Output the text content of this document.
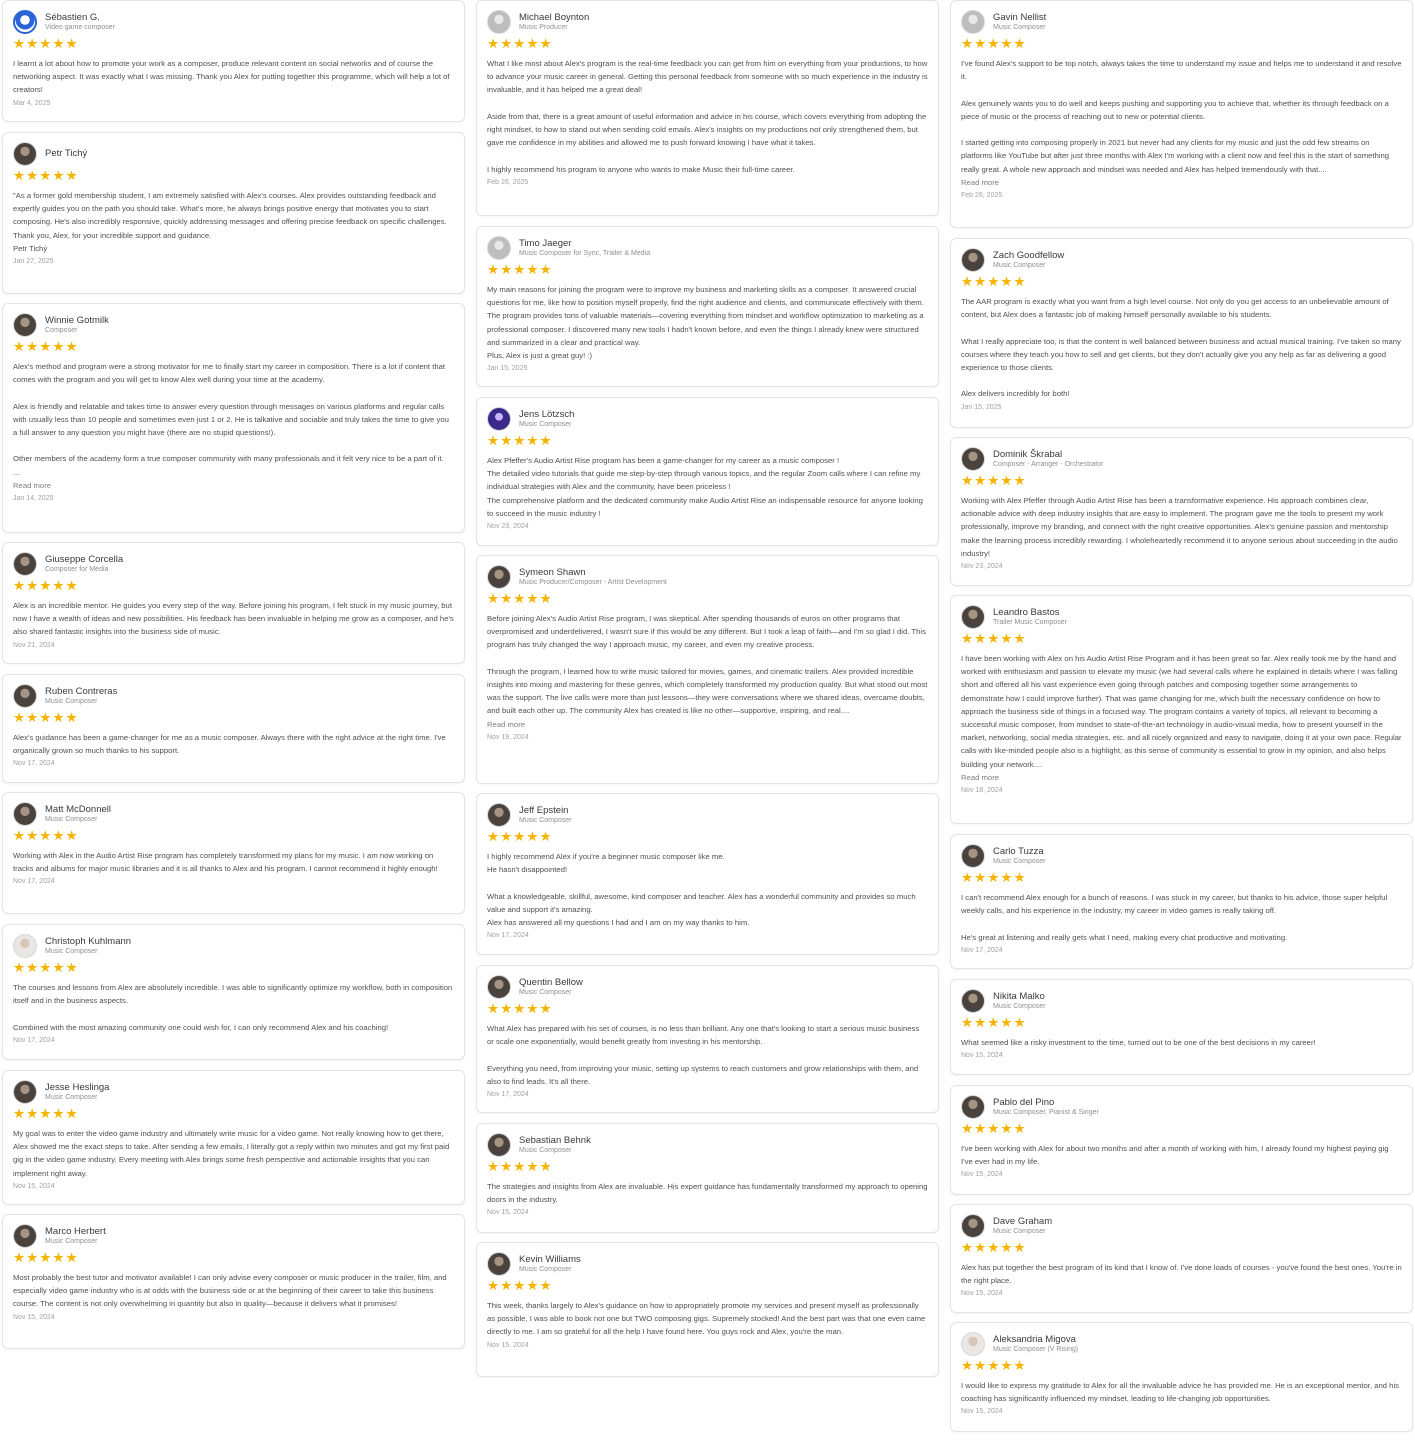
Sébastien G.
Video game composer
★ ★ ★ ★ ★
I learnt a lot about how to promote your work as a composer, produce relevant content on social networks and of course the networking aspect. It was exactly what I was missing. Thank you Alex for putting together this programme, which will help a lot of creators!
Mar 4, 2025
Petr Tichý
★ ★ ★ ★ ★
"As a former gold membership student, I am extremely satisfied with Alex's courses. Alex provides outstanding feedback and expertly guides you on the path you should take. What's more, he always brings positive energy that motivates you to start composing. He's also incredibly responsive, quickly addressing messages and offering precise feedback on specific challenges.
Thank you, Alex, for your incredible support and guidance.
Petr Tichý
Jan 27, 2025
Winnie Gotmilk
Composer
★ ★ ★ ★ ★
Alex's method and program were a strong motivator for me to finally start my career in composition. There is a lot if content that comes with the program and you will get to know Alex well during your time at the academy.

Alex is friendly and relatable and takes time to answer every question through messages on various platforms and regular calls with usually less than 10 people and sometimes even just 1 or 2. He is talkative and sociable and truly takes the time to give you a full answer to any question you might have (there are no stupid questions!).

Other members of the academy form a true composer community with many professionals and it felt very nice to be a part of it.
...
Read more
Jan 14, 2025
Giuseppe Corcella
Composer for Media
★ ★ ★ ★ ★
Alex is an incredible mentor. He guides you every step of the way. Before joining his program, I felt stuck in my music journey, but now I have a wealth of ideas and new possibilities. His feedback has been invaluable in helping me grow as a composer, and he's also shared fantastic insights into the business side of music.
Nov 21, 2024
Ruben Contreras
Music Composer
★ ★ ★ ★ ★
Alex's guidance has been a game-changer for me as a music composer. Always there with the right advice at the right time. I've organically grown so much thanks to his support.
Nov 17, 2024
Matt McDonnell
Music Composer
★ ★ ★ ★ ★
Working with Alex in the Audio Artist Rise program has completely transformed my plans for my music. I am now working on tracks and albums for major music libraries and it is all thanks to Alex and his program. I cannot recommend it highly enough!
Nov 17, 2024
Christoph Kuhlmann
Music Composer
★ ★ ★ ★ ★
The courses and lessons from Alex are absolutely incredible. I was able to significantly optimize my workflow, both in composition itself and in the business aspects.

Combined with the most amazing community one could wish for, I can only recommend Alex and his coaching!
Nov 17, 2024
Jesse Heslinga
Music Composer
★ ★ ★ ★ ★
My goal was to enter the video game industry and ultimately write music for a video game. Not really knowing how to get there, Alex showed me the exact steps to take. After sending a few emails, I literally got a reply within two minutes and got my first paid gig in the video game industry. Every meeting with Alex brings some fresh perspective and actionable insights that you can implement right away.
Nov 15, 2024
Marco Herbert
Music Composer
★ ★ ★ ★ ★
Most probably the best tutor and motivator available! I can only advise every composer or music producer in the trailer, film, and especially video game industry who is at odds with the business side or at the beginning of their career to take this business course. The content is not only overwhelming in quantity but also in quality—because it delivers what it promises!
Nov 15, 2024
Michael Boynton
Music Producer
★ ★ ★ ★ ★
What I like most about Alex's program is the real-time feedback you can get from him on everything from your productions, to how to advance your music career in general. Getting this personal feedback from someone with so much experience in the industry is invaluable, and it has helped me a great deal!

Aside from that, there is a great amount of useful information and advice in his course, which covers everything from adopting the right mindset, to how to stand out when sending cold emails. Alex's insights on my productions not only strengthened them, but gave me confidence in my abilities and allowed me to push forward knowing I have what it takes.

I highly recommend his program to anyone who wants to make Music their full-time career.
Feb 26, 2025
Timo Jaeger
Music Composer for Sync, Trailer & Media
★ ★ ★ ★ ★
My main reasons for joining the program were to improve my business and marketing skills as a composer. It answered crucial questions for me, like how to position myself properly, find the right audience and clients, and communicate effectively with them. The program provides tons of valuable materials—covering everything from mindset and workflow optimization to marketing as a professional composer. I discovered many new tools I hadn't known before, and even the things I already knew were structured and summarized in a clear and practical way.
Plus, Alex is just a great guy! :)
Jan 15, 2025
Jens Lötzsch
Music Composer
★ ★ ★ ★ ★
Alex Pfeffer's Audio Artist Rise program has been a game-changer for my career as a music composer !
The detailed video tutorials that guide me step-by-step through various topics, and the regular Zoom calls where I can refine my individual strategies with Alex and the community, have been priceless !
The comprehensive platform and the dedicated community make Audio Artist Rise an indispensable resource for anyone looking to succeed in the music industry !
Nov 23, 2024
Symeon Shawn
Music Producer/Composer - Artist Development
★ ★ ★ ★ ★
Before joining Alex's Audio Artist Rise program, I was skeptical. After spending thousands of euros on other programs that overpromised and underdelivered, I wasn't sure if this would be any different. But I took a leap of faith—and I'm so glad I did. This program has truly changed the way I approach music, my career, and even my creative process.

Through the program, I learned how to write music tailored for movies, games, and cinematic trailers. Alex provided incredible insights into mixing and mastering for these genres, which completely transformed my production quality. But what stood out most was the support. The live calls were more than just lessons—they were conversations where we shared ideas, overcame doubts, and built each other up. The community Alex has created is like no other—supportive, inspiring, and real....
Read more
Nov 19, 2024
Jeff Epstein
Music Composer
★ ★ ★ ★ ★
I highly recommend Alex if you're a beginner music composer like me.
He hasn't disappointed!

What a knowledgeable, skillful, awesome, kind composer and teacher. Alex has a wonderful community and provides so much value and support it's amazing.
Alex has answered all my questions I had and I am on my way thanks to him.
Nov 17, 2024
Quentin Bellow
Music Composer
★ ★ ★ ★ ★
What Alex has prepared with his set of courses, is no less than brilliant. Any one that's looking to start a serious music business or scale one exponentially, would benefit greatly from investing in his mentorship.

Everything you need, from improving your music, setting up systems to reach customers and grow relationships with them, and also to find leads. It's all there.
Nov 17, 2024
Sebastian Behnk
Music Composer
★ ★ ★ ★ ★
The strategies and insights from Alex are invaluable. His expert guidance has fundamentally transformed my approach to opening doors in the industry.
Nov 15, 2024
Kevin Williams
Music Composer
★ ★ ★ ★ ★
This week, thanks largely to Alex's guidance on how to appropriately promote my services and present myself as professionally as possible, I was able to book not one but TWO composing gigs. Supremely stocked! And the best part was that one even came directly to me. I am so grateful for all the help I have found here. You guys rock and Alex, you're the man.
Nov 15, 2024
Gavin Nellist
Music Composer
★ ★ ★ ★ ★
I've found Alex's support to be top notch, always takes the time to understand my issue and helps me to understand it and resolve it.

Alex genuinely wants you to do well and keeps pushing and supporting you to achieve that, whether its through feedback on a piece of music or the process of reaching out to new or potential clients.

I started getting into composing properly in 2021 but never had any clients for my music and just the odd few streams on platforms like YouTube but after just three months with Alex I'm working with a client now and feel this is the start of something really great. A whole new approach and mindset was needed and Alex has helped tremendously with that....
Read more
Feb 26, 2025
Zach Goodfellow
Music Composer
★ ★ ★ ★ ★
The AAR program is exactly what you want from a high level course. Not only do you get access to an unbelievable amount of content, but Alex does a fantastic job of making himself personally available to his students.

What I really appreciate too, is that the content is well balanced between business and actual musical training. I've taken so many courses where they teach you how to sell and get clients, but they don't actually give you any help as far as delivering a good experience to those clients.

Alex delivers incredibly for both!
Jan 15, 2025
Dominik Škrabal
Composer - Arranger - Orchestrator
★ ★ ★ ★ ★
Working with Alex Pfeffer through Audio Artist Rise has been a transformative experience. His approach combines clear, actionable advice with deep industry insights that are easy to implement. The program gave me the tools to present my work professionally, improve my branding, and connect with the right creative opportunities. Alex's genuine passion and mentorship make the learning process incredibly rewarding. I wholeheartedly recommend it to anyone serious about succeeding in the audio industry!
Nov 23, 2024
Leandro Bastos
Trailer Music Composer
★ ★ ★ ★ ★
I have been working with Alex on his Audio Artist Rise Program and it has been great so far. Alex really took me by the hand and worked with enthusiasm and passion to elevate my music (we had several calls where he explained in details where I was falling short and offered all his vast experience even going through patches and composing together some arrangements to demonstrate how I could improve further). That was game changing for me, which built the necessary confidence on how to approach the business side of things in a focused way. The program contains a variety of topics, all relevant to becoming a successful music composer, from mindset to state-of-the-art technology in audio-visual media, how to present yourself in the market, networking, social media strategies, etc. and all nicely organized and easy to navigate, doing it at your own pace. Regular calls with like-minded people also is a highlight, as this sense of community is essential to grow in my opinion, and also helps building your network....
Read more
Nov 18, 2024
Carlo Tuzza
Music Composer
★ ★ ★ ★ ★
I can't recommend Alex enough for a bunch of reasons. I was stuck in my career, but thanks to his advice, those super helpful weekly calls, and his experience in the industry, my career in video games is really taking off.

He's great at listening and really gets what I need, making every chat productive and motivating.
Nov 17, 2024
Nikita Malko
Music Composer
★ ★ ★ ★ ★
What seemed like a risky investment to the time, turned out to be one of the best decisions in my career!
Nov 15, 2024
Pablo del Pino
Music Composer, Pianist & Singer
★ ★ ★ ★ ★
I've been working with Alex for about two months and after a month of working with him, I already found my highest paying gig I've ever had in my life.
Nov 15, 2024
Dave Graham
Music Composer
★ ★ ★ ★ ★
Alex has put together the best program of its kind that I know of. I've done loads of courses - you've found the best ones. You're in the right place.
Nov 15, 2024
Aleksandria Migova
Music Composer (V Rising)
★ ★ ★ ★ ★
I would like to express my gratitude to Alex for all the invaluable advice he has provided me. He is an exceptional mentor, and his coaching has significantly influenced my mindset, leading to life-changing job opportunities.
Nov 15, 2024
